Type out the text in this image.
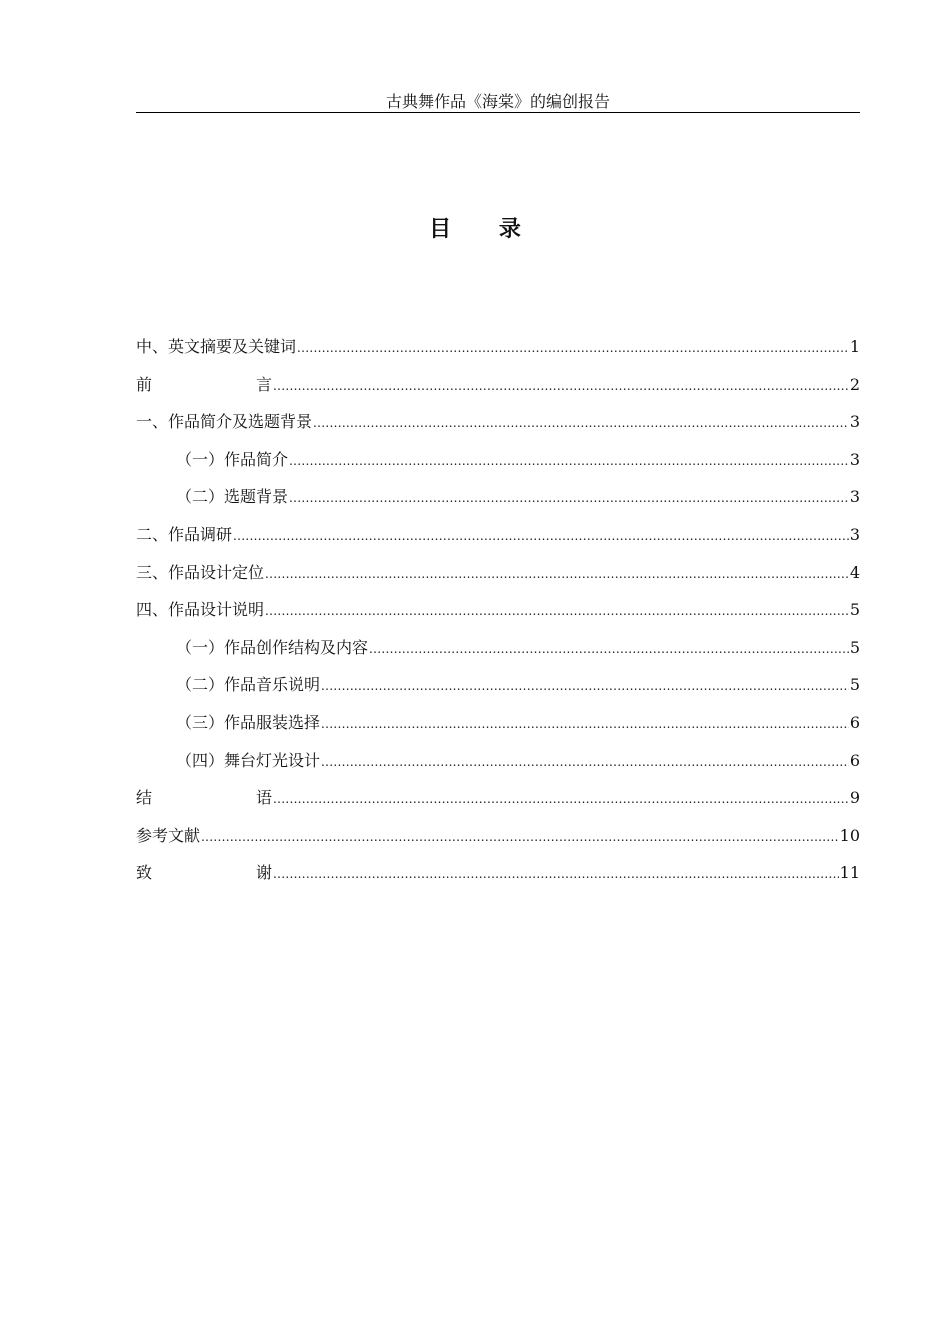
古典舞作品《海棠》的编创报告
目 录
中、英文摘要及关键词 .....	1
前	言 .....	2
一、作品简介及选题背景 .....	3
（一）作品简介 .....	3
（二）选题背景 .....	3
二、作品调研 .....	3
三、作品设计定位 .....	4
四、作品设计说明 .....	5
（一）作品创作结构及内容 .....	5
（二）作品音乐说明 .....	5
（三）作品服装选择 .....	6
（四）舞台灯光设计 .....	6
结	语 .....	9
参考文献 .....	10
致	谢 .....	11
